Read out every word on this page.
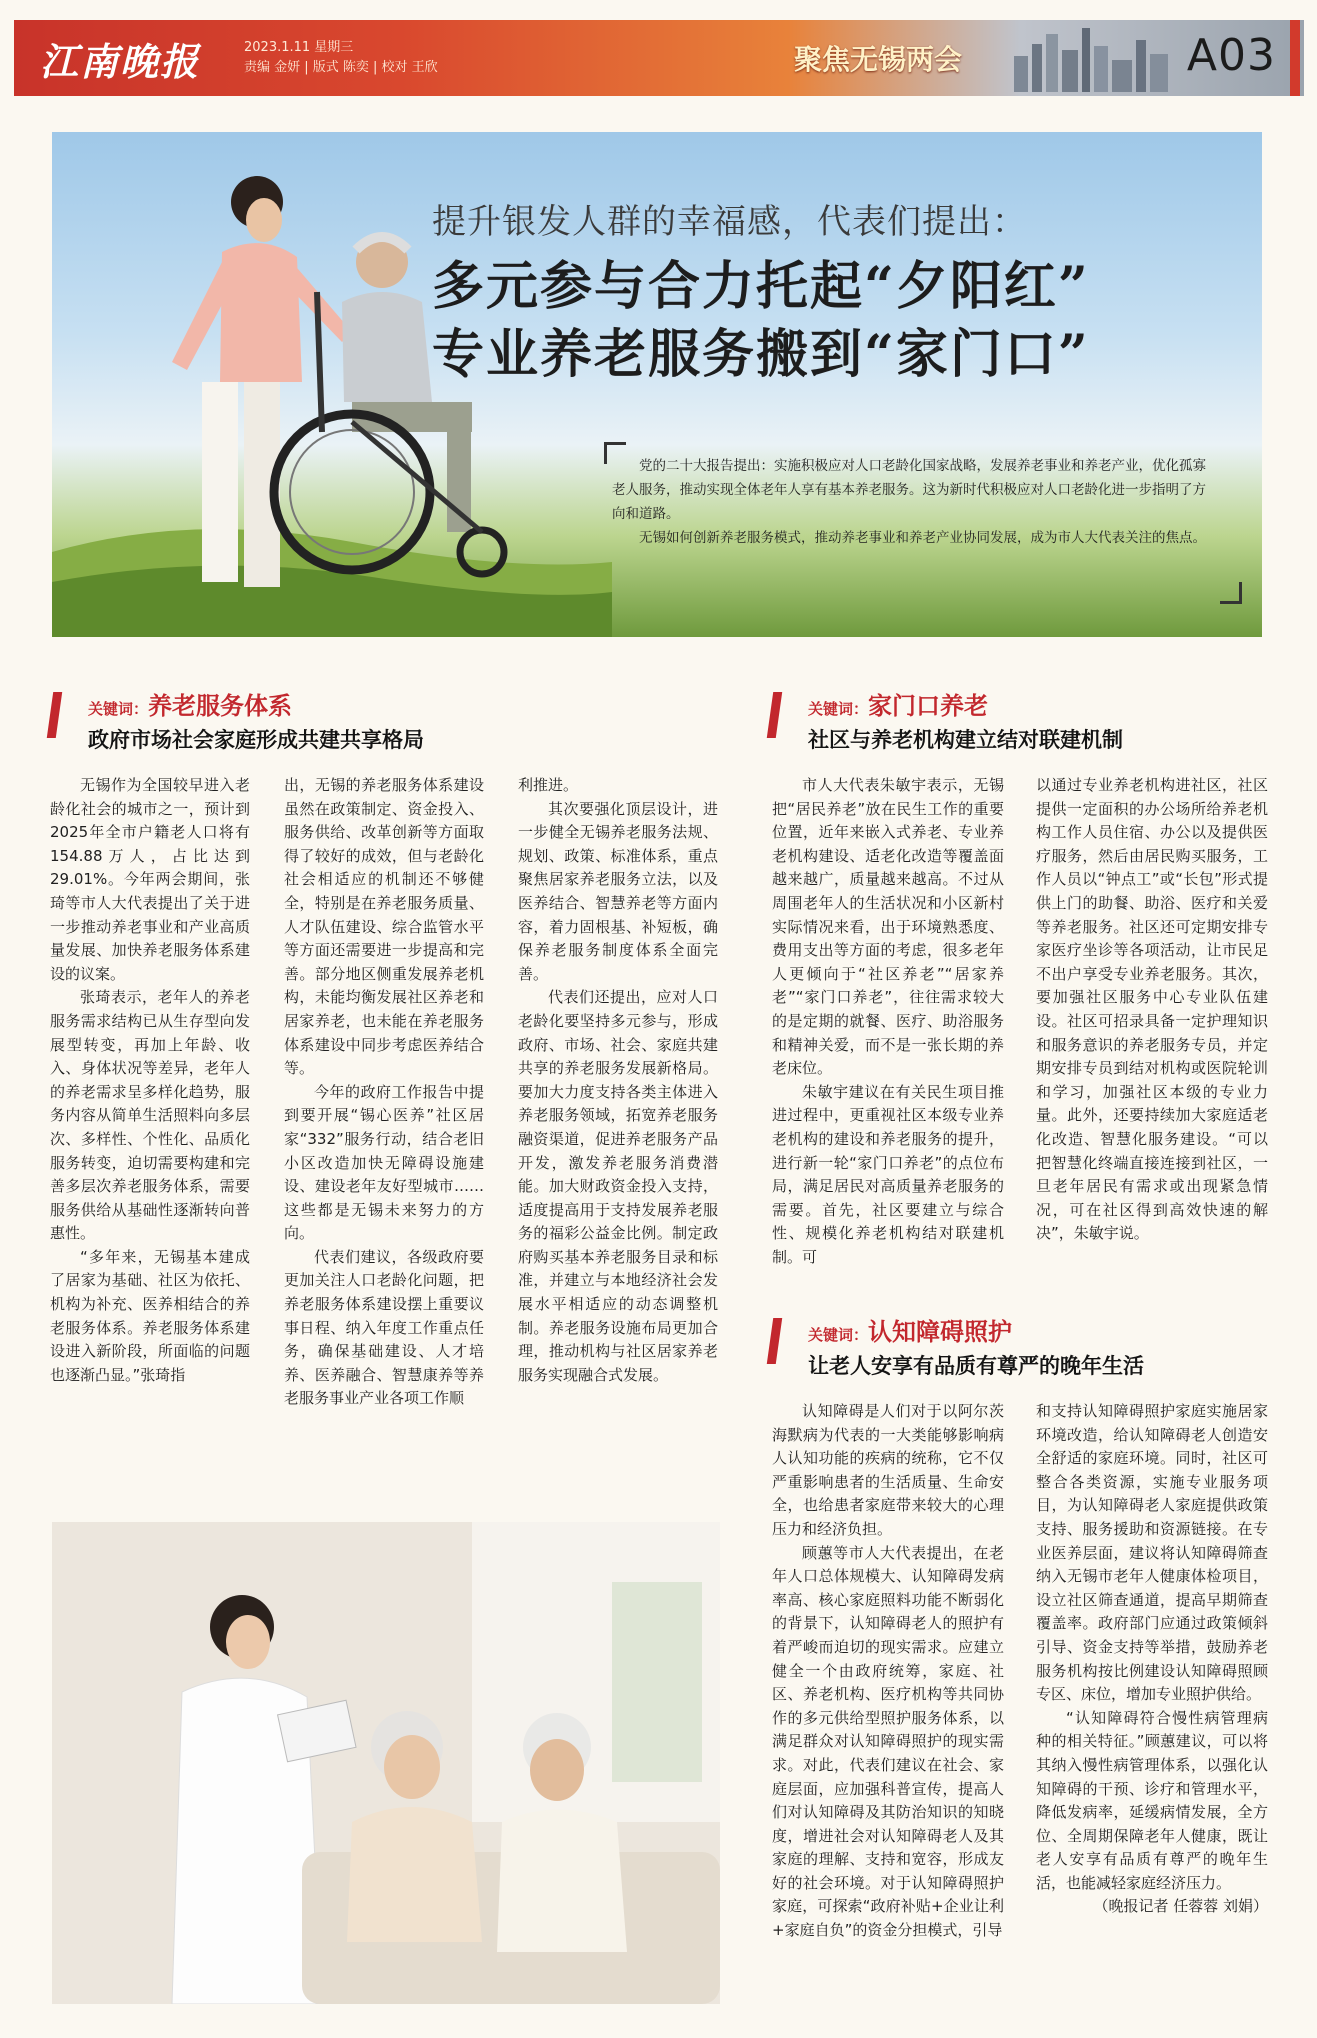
江南晚报	2023.1.11 星期三
责编 金妍 | 版式 陈奕 | 校对 王欣	聚焦无锡两会	A03
提升银发人群的幸福感，代表们提出：
多元参与合力托起“夕阳红”
专业养老服务搬到“家门口”

党的二十大报告提出：实施积极应对人口老龄化国家战略，发展养老事业和养老产业，优化孤寡老人服务，推动实现全体老年人享有基本养老服务。这为新时代积极应对人口老龄化进一步指明了方向和道路。

无锡如何创新养老服务模式，推动养老事业和养老产业协同发展，成为市人大代表关注的焦点。

关键词：养老服务体系
政府市场社会家庭形成共建共享格局

无锡作为全国较早进入老龄化社会的城市之一，预计到2025年全市户籍老人口将有154.88万人，占比达到29.01%。今年两会期间，张琦等市人大代表提出了关于进一步推动养老事业和产业高质量发展、加快养老服务体系建设的议案。

张琦表示，老年人的养老服务需求结构已从生存型向发展型转变，再加上年龄、收入、身体状况等差异，老年人的养老需求呈多样化趋势，服务内容从简单生活照料向多层次、多样性、个性化、品质化服务转变，迫切需要构建和完善多层次养老服务体系，需要服务供给从基础性逐渐转向普惠性。

“多年来，无锡基本建成了居家为基础、社区为依托、机构为补充、医养相结合的养老服务体系。养老服务体系建设进入新阶段，所面临的问题也逐渐凸显。”张琦指

出，无锡的养老服务体系建设虽然在政策制定、资金投入、服务供给、改革创新等方面取得了较好的成效，但与老龄化社会相适应的机制还不够健全，特别是在养老服务质量、人才队伍建设、综合监管水平等方面还需要进一步提高和完善。部分地区侧重发展养老机构，未能均衡发展社区养老和居家养老，也未能在养老服务体系建设中同步考虑医养结合等。

今年的政府工作报告中提到要开展“锡心医养”社区居家“332”服务行动，结合老旧小区改造加快无障碍设施建设、建设老年友好型城市……这些都是无锡未来努力的方向。

代表们建议，各级政府要更加关注人口老龄化问题，把养老服务体系建设摆上重要议事日程、纳入年度工作重点任务，确保基础建设、人才培养、医养融合、智慧康养等养老服务事业产业各项工作顺

利推进。

其次要强化顶层设计，进一步健全无锡养老服务法规、规划、政策、标准体系，重点聚焦居家养老服务立法，以及医养结合、智慧养老等方面内容，着力固根基、补短板，确保养老服务制度体系全面完善。

代表们还提出，应对人口老龄化要坚持多元参与，形成政府、市场、社会、家庭共建共享的养老服务发展新格局。要加大力度支持各类主体进入养老服务领域，拓宽养老服务融资渠道，促进养老服务产品开发，激发养老服务消费潜能。加大财政资金投入支持，适度提高用于支持发展养老服务的福彩公益金比例。制定政府购买基本养老服务目录和标准，并建立与本地经济社会发展水平相适应的动态调整机制。养老服务设施布局更加合理，推动机构与社区居家养老服务实现融合式发展。

关键词：家门口养老
社区与养老机构建立结对联建机制

市人大代表朱敏宇表示，无锡把“居民养老”放在民生工作的重要位置，近年来嵌入式养老、专业养老机构建设、适老化改造等覆盖面越来越广，质量越来越高。不过从周围老年人的生活状况和小区新村实际情况来看，出于环境熟悉度、费用支出等方面的考虑，很多老年人更倾向于“社区养老”“居家养老”“家门口养老”，往往需求较大的是定期的就餐、医疗、助浴服务和精神关爱，而不是一张长期的养老床位。

朱敏宇建议在有关民生项目推进过程中，更重视社区本级专业养老机构的建设和养老服务的提升，进行新一轮“家门口养老”的点位布局，满足居民对高质量养老服务的需要。首先，社区要建立与综合性、规模化养老机构结对联建机制。可

以通过专业养老机构进社区，社区提供一定面积的办公场所给养老机构工作人员住宿、办公以及提供医疗服务，然后由居民购买服务，工作人员以“钟点工”或“长包”形式提供上门的助餐、助浴、医疗和关爱等养老服务。社区还可定期安排专家医疗坐诊等各项活动，让市民足不出户享受专业养老服务。其次，要加强社区服务中心专业队伍建设。社区可招录具备一定护理知识和服务意识的养老服务专员，并定期安排专员到结对机构或医院轮训和学习，加强社区本级的专业力量。此外，还要持续加大家庭适老化改造、智慧化服务建设。“可以把智慧化终端直接连接到社区，一旦老年居民有需求或出现紧急情况，可在社区得到高效快速的解决”，朱敏宇说。

关键词：认知障碍照护
让老人安享有品质有尊严的晚年生活

认知障碍是人们对于以阿尔茨海默病为代表的一大类能够影响病人认知功能的疾病的统称，它不仅严重影响患者的生活质量、生命安全，也给患者家庭带来较大的心理压力和经济负担。

顾蕙等市人大代表提出，在老年人口总体规模大、认知障碍发病率高、核心家庭照料功能不断弱化的背景下，认知障碍老人的照护有着严峻而迫切的现实需求。应建立健全一个由政府统筹，家庭、社区、养老机构、医疗机构等共同协作的多元供给型照护服务体系，以满足群众对认知障碍照护的现实需求。对此，代表们建议在社会、家庭层面，应加强科普宣传，提高人们对认知障碍及其防治知识的知晓度，增进社会对认知障碍老人及其家庭的理解、支持和宽容，形成友好的社会环境。对于认知障碍照护家庭，可探索“政府补贴+企业让利+家庭自负”的资金分担模式，引导

和支持认知障碍照护家庭实施居家环境改造，给认知障碍老人创造安全舒适的家庭环境。同时，社区可整合各类资源，实施专业服务项目，为认知障碍老人家庭提供政策支持、服务援助和资源链接。在专业医养层面，建议将认知障碍筛查纳入无锡市老年人健康体检项目，设立社区筛查通道，提高早期筛查覆盖率。政府部门应通过政策倾斜引导、资金支持等举措，鼓励养老服务机构按比例建设认知障碍照顾专区、床位，增加专业照护供给。

“认知障碍符合慢性病管理病种的相关特征。”顾蕙建议，可以将其纳入慢性病管理体系，以强化认知障碍的干预、诊疗和管理水平，降低发病率，延缓病情发展，全方位、全周期保障老年人健康，既让老人安享有品质有尊严的晚年生活，也能减轻家庭经济压力。

（晚报记者 任蓉蓉 刘娟）
